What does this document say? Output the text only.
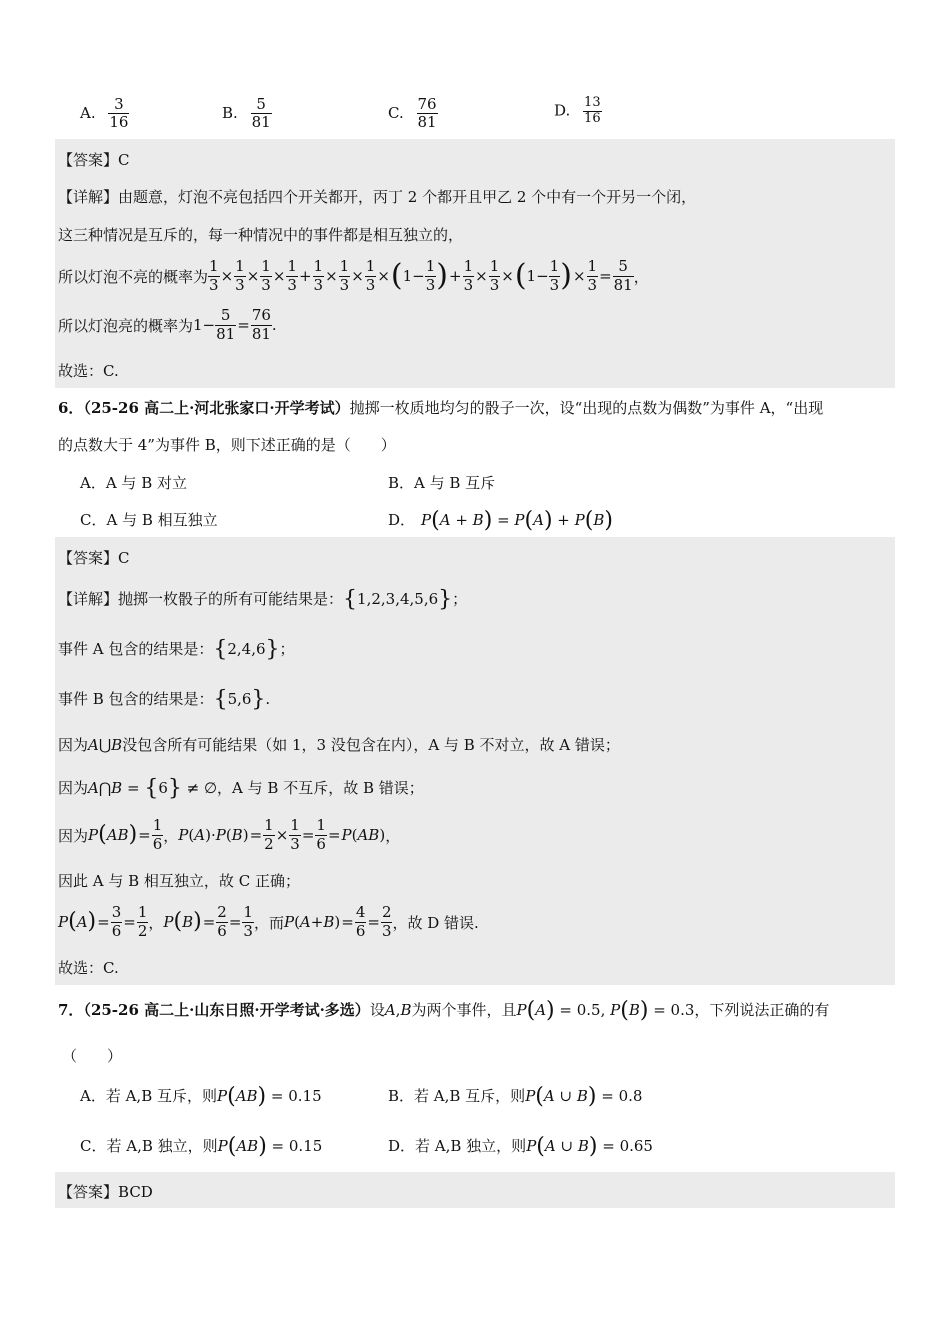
A. $\frac{3}{16}$	B. $\frac{5}{81}$	C. $\frac{76}{81}$	D. $\frac{13}{16}$
【答案】C
【详解】由题意，灯泡不亮包括四个开关都开，丙丁 2 个都开且甲乙 2 个中有一个开另一个闭，
这三种情况是互斥的，每一种情况中的事件都是相互独立的，
所以灯泡不亮的概率为 $\frac{1}{3} \times \frac{1}{3} \times \frac{1}{3} \times \frac{1}{3} + \frac{1}{3} \times \frac{1}{3} \times \frac{1}{3}$ × ( $1- \frac{1}{3}$ ) + $\frac{1}{3} \times \frac{1}{3}$ × ( $1- \frac{1}{3}$ ) × $\frac{1}{3} = \frac{5}{81}$ ，
所以灯泡亮的概率为 $1- \frac{5}{81} = \frac{76}{81}$ .
故选：C.
6．（25-26 高二上·河北张家口·开学考试）抛掷一枚质地均匀的骰子一次，设“出现的点数为偶数”为事件 A，“出现
的点数大于 4”为事件 B，则下述正确的是（　　）
A．A 与 B 对立	B．A 与 B 互斥
C．A 与 B 相互独立	D． P(A + B) = P(A) + P(B)
【答案】C
【详解】抛掷一枚骰子的所有可能结果是：{1,2,3,4,5,6}；
事件 A 包含的结果是：{2,4,6}；
事件 B 包含的结果是：{5,6}.
因为A⋃B没包含所有可能结果（如 1，3 没包含在内），A 与 B 不对立，故 A 错误；
因为A⋂B = {6} ≠ ∅，A 与 B 不互斥，故 B 错误；
因为 P ( AB ) = $\frac{1}{6}$ ， P ( A )· P ( B ) = $\frac{1}{2} \times \frac{1}{3} = \frac{1}{6} = P$ ( AB ) ，
因此 A 与 B 相互独立，故 C 正确；
P ( A ) = $\frac{3}{6} = \frac{1}{2}$ ， P ( B ) = $\frac{2}{6} = \frac{1}{3}$ ，而 P ( A + B ) = $\frac{4}{6} = \frac{2}{3}$ ，故 D 错误.
故选：C.
7．（25-26 高二上·山东日照·开学考试·多选）设A,B为两个事件，且P(A) = 0.5, P(B) = 0.3，下列说法正确的有
（　　）
A．若 A,B 互斥，则P(AB) = 0.15	B．若 A,B 互斥，则P(A ∪ B) = 0.8
C．若 A,B 独立，则P(AB) = 0.15	D．若 A,B 独立，则P(A ∪ B) = 0.65
【答案】BCD
